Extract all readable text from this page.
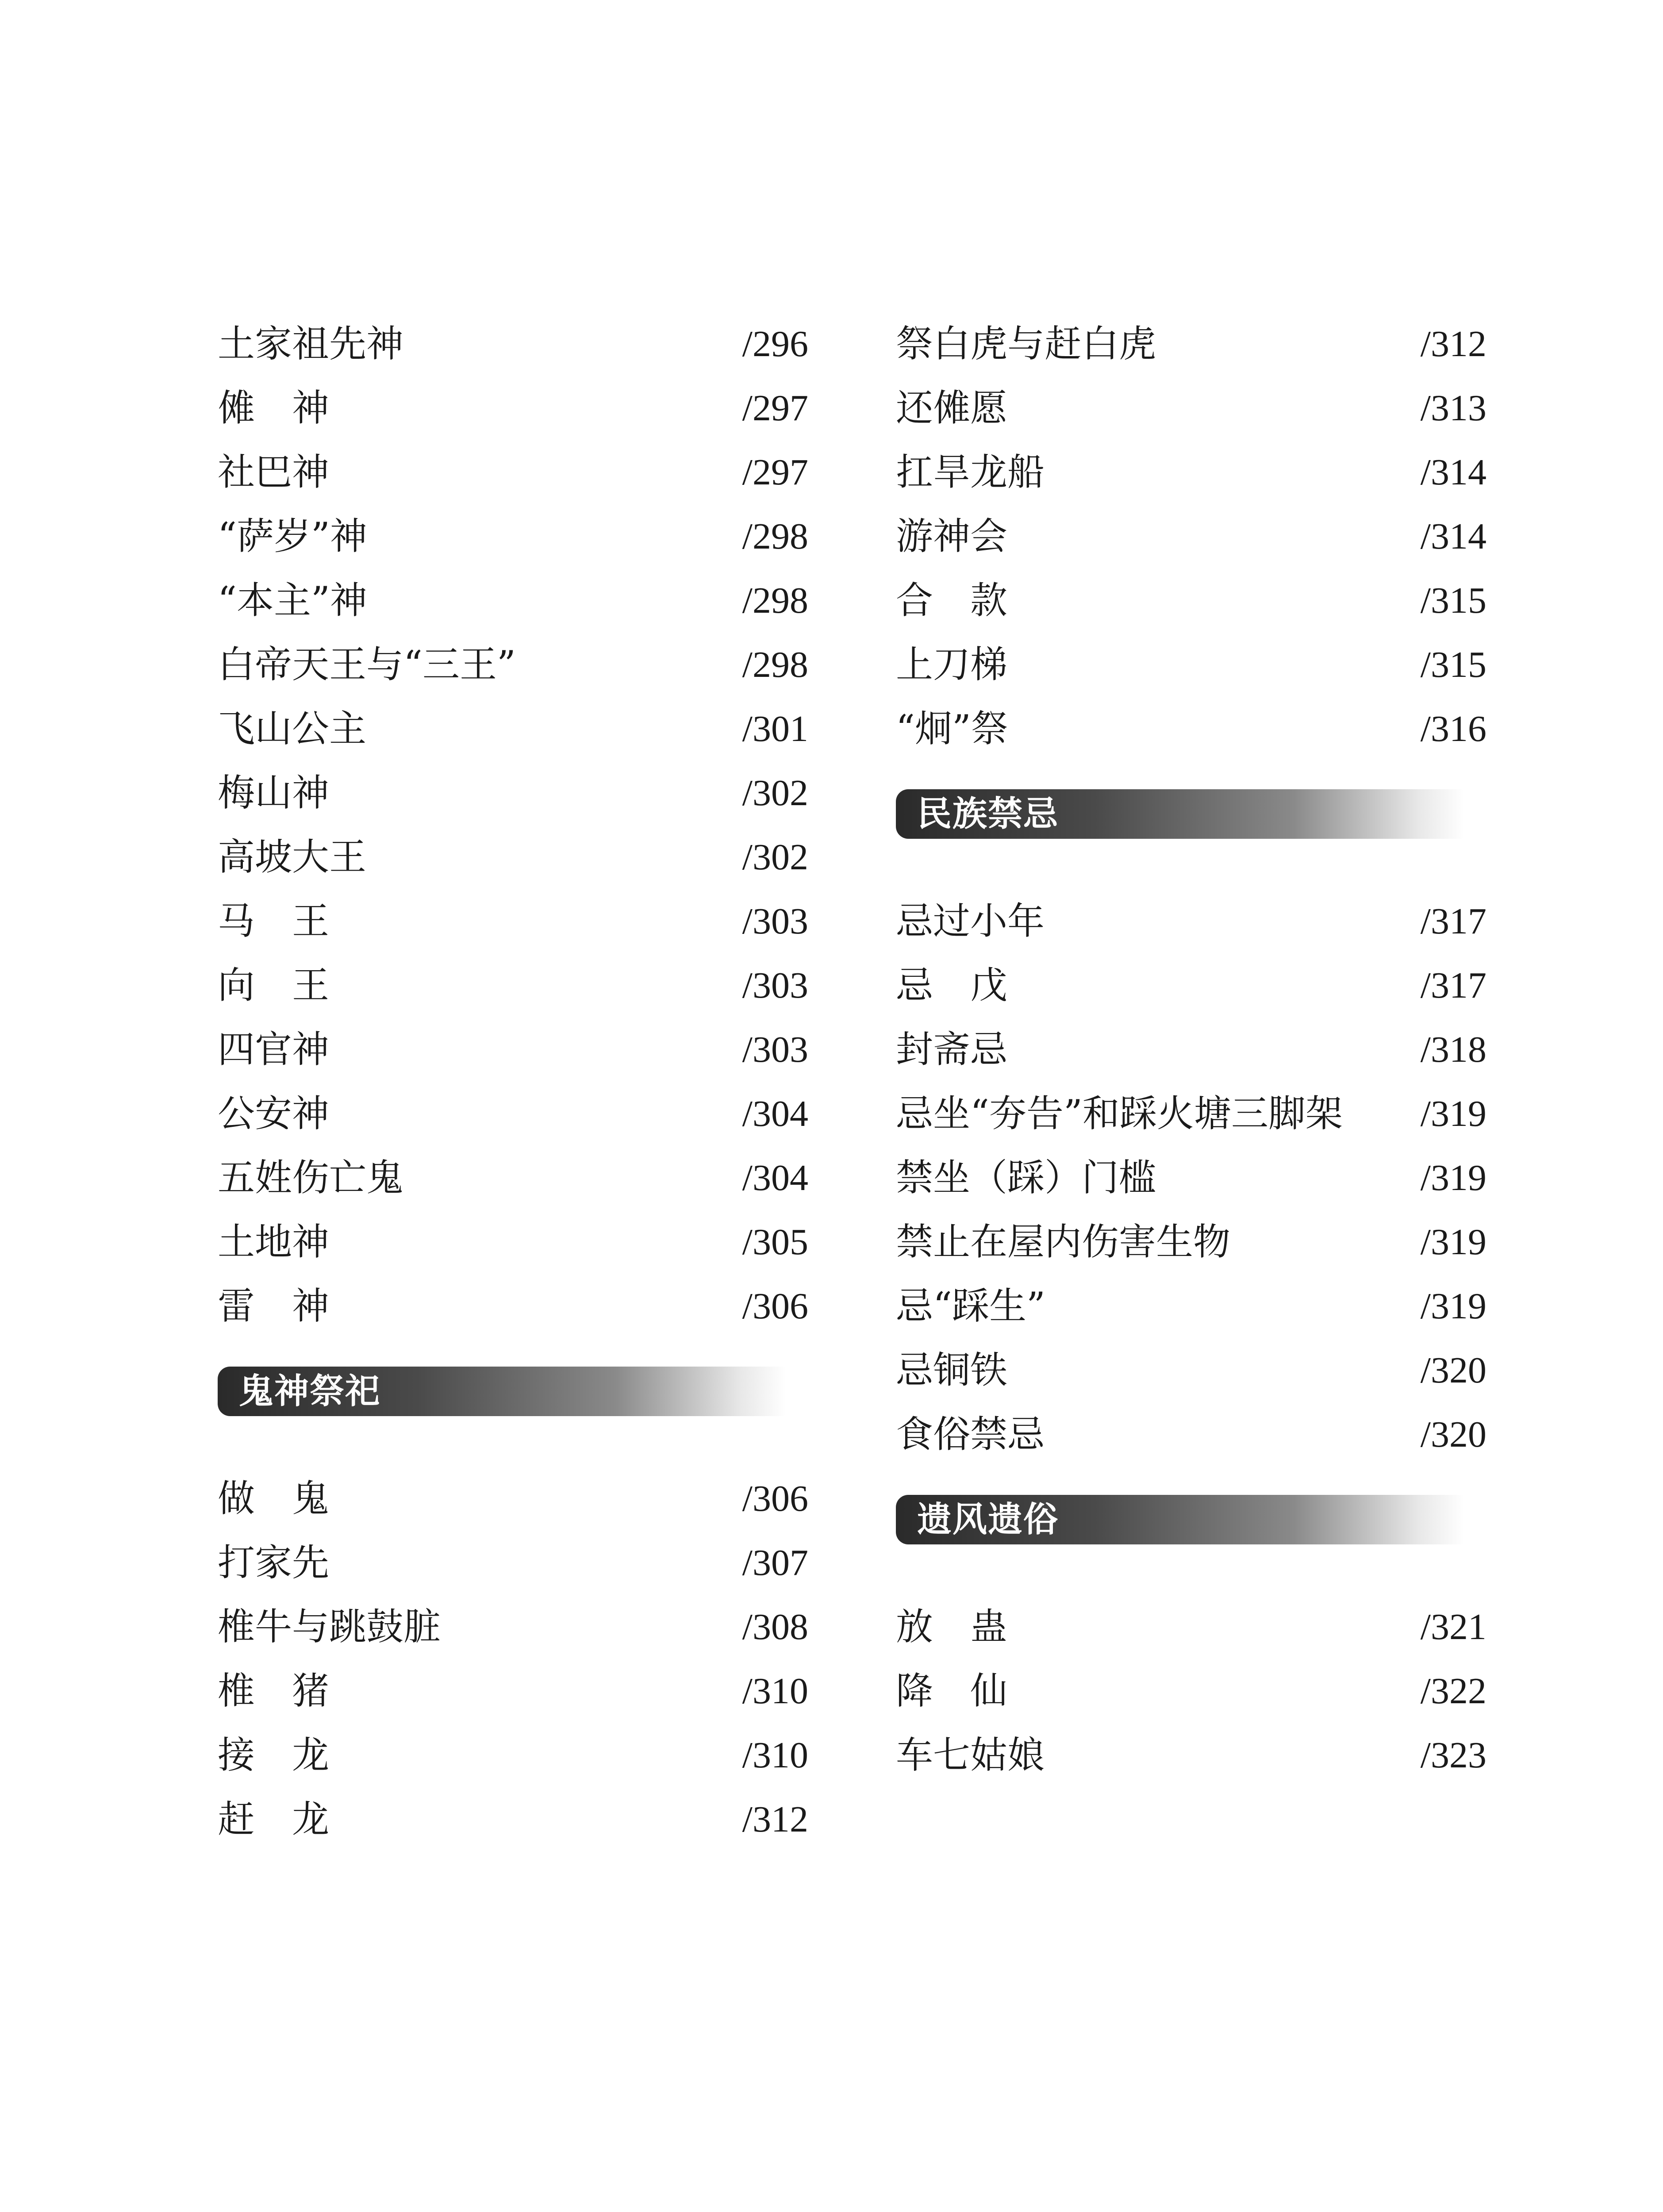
土家祖先神	/296
傩　神	/297
社巴神	/297
“萨岁”神	/298
“本主”神	/298
白帝天王与“三王”	/298
飞山公主	/301
梅山神	/302
高坡大王	/302
马　王	/303
向　王	/303
四官神	/303
公安神	/304
五姓伤亡鬼	/304
土地神	/305
雷　神	/306
鬼神祭祀
做　鬼	/306
打家先	/307
椎牛与跳鼓脏	/308
椎　猪	/310
接　龙	/310
赶　龙	/312
祭白虎与赶白虎	/312
还傩愿	/313
扛旱龙船	/314
游神会	/314
合　款	/315
上刀梯	/315
“炯”祭	/316
民族禁忌
忌过小年	/317
忌　戊	/317
封斋忌	/318
忌坐“夯告”和踩火塘三脚架 /319
禁坐（踩）门槛	/319
禁止在屋内伤害生物	/319
忌“踩生”	/319
忌铜铁	/320
食俗禁忌	/320
遗风遗俗
放　蛊	/321
降　仙	/322
车七姑娘	/323
